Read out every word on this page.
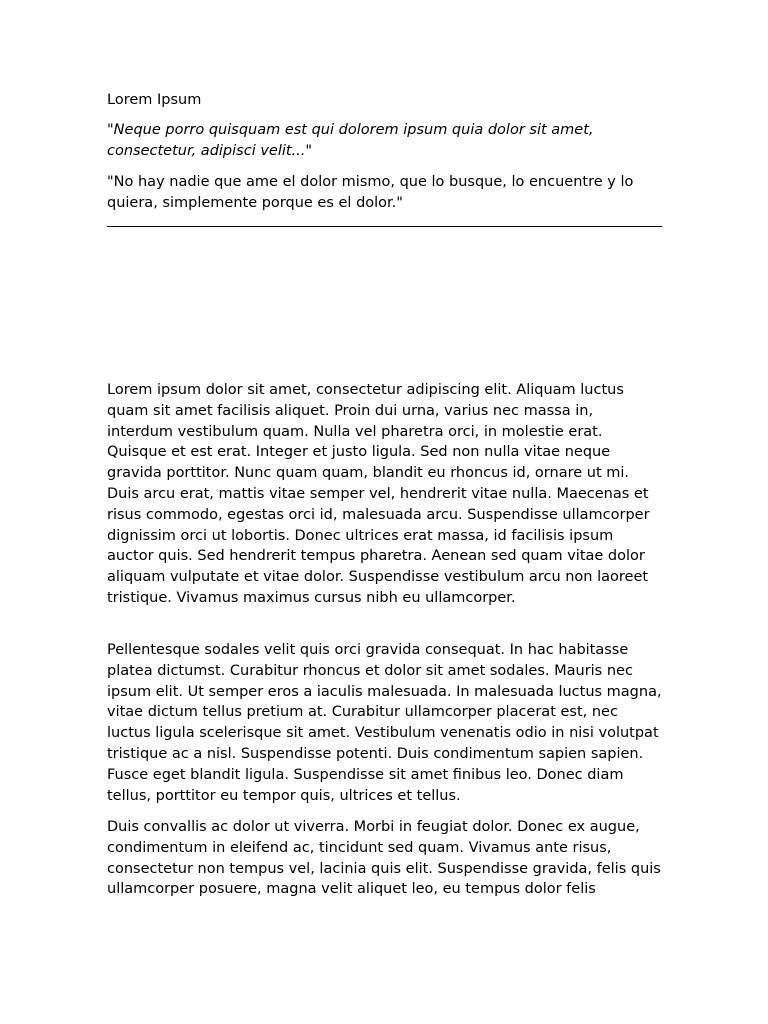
Lorem Ipsum

"Neque porro quisquam est qui dolorem ipsum quia dolor sit amet, consectetur, adipisci velit..."

"No hay nadie que ame el dolor mismo, que lo busque, lo encuentre y lo quiera, simplemente porque es el dolor."

Lorem ipsum dolor sit amet, consectetur adipiscing elit. Aliquam luctus quam sit amet facilisis aliquet. Proin dui urna, varius nec massa in, interdum vestibulum quam. Nulla vel pharetra orci, in molestie erat. Quisque et est erat. Integer et justo ligula. Sed non nulla vitae neque gravida porttitor. Nunc quam quam, blandit eu rhoncus id, ornare ut mi. Duis arcu erat, mattis vitae semper vel, hendrerit vitae nulla. Maecenas et risus commodo, egestas orci id, malesuada arcu. Suspendisse ullamcorper dignissim orci ut lobortis. Donec ultrices erat massa, id facilisis ipsum auctor quis. Sed hendrerit tempus pharetra. Aenean sed quam vitae dolor aliquam vulputate et vitae dolor. Suspendisse vestibulum arcu non laoreet tristique. Vivamus maximus cursus nibh eu ullamcorper.

Pellentesque sodales velit quis orci gravida consequat. In hac habitasse platea dictumst. Curabitur rhoncus et dolor sit amet sodales. Mauris nec ipsum elit. Ut semper eros a iaculis malesuada. In malesuada luctus magna, vitae dictum tellus pretium at. Curabitur ullamcorper placerat est, nec luctus ligula scelerisque sit amet. Vestibulum venenatis odio in nisi volutpat tristique ac a nisl. Suspendisse potenti. Duis condimentum sapien sapien. Fusce eget blandit ligula. Suspendisse sit amet finibus leo. Donec diam tellus, porttitor eu tempor quis, ultrices et tellus.

Duis convallis ac dolor ut viverra. Morbi in feugiat dolor. Donec ex augue, condimentum in eleifend ac, tincidunt sed quam. Vivamus ante risus, consectetur non tempus vel, lacinia quis elit. Suspendisse gravida, felis quis ullamcorper posuere, magna velit aliquet leo, eu tempus dolor felis
